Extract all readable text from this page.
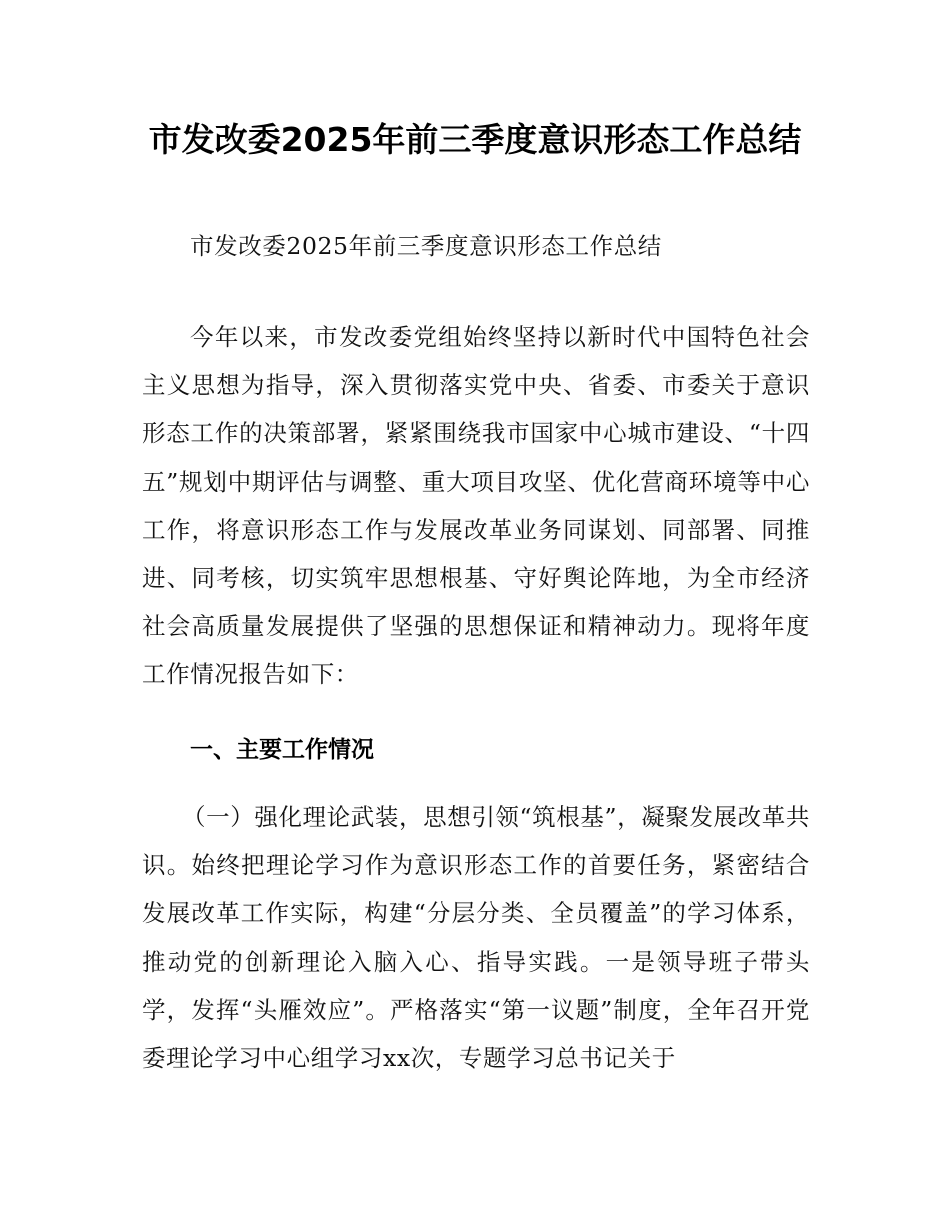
市发改委2025年前三季度意识形态工作总结

市发改委2025年前三季度意识形态工作总结

今年以来，市发改委党组始终坚持以新时代中国特色社会主义思想为指导，深入贯彻落实党中央、省委、市委关于意识形态工作的决策部署，紧紧围绕我市国家中心城市建设、“十四五”规划中期评估与调整、重大项目攻坚、优化营商环境等中心工作，将意识形态工作与发展改革业务同谋划、同部署、同推进、同考核，切实筑牢思想根基、守好舆论阵地，为全市经济社会高质量发展提供了坚强的思想保证和精神动力。现将年度工作情况报告如下：

一、主要工作情况

（一）强化理论武装，思想引领“筑根基”，凝聚发展改革共识。始终把理论学习作为意识形态工作的首要任务，紧密结合发展改革工作实际，构建“分层分类、全员覆盖”的学习体系，推动党的创新理论入脑入心、指导实践。一是领导班子带头学，发挥“头雁效应”。严格落实“第一议题”制度，全年召开党委理论学习中心组学习xx次，专题学习总书记关于
